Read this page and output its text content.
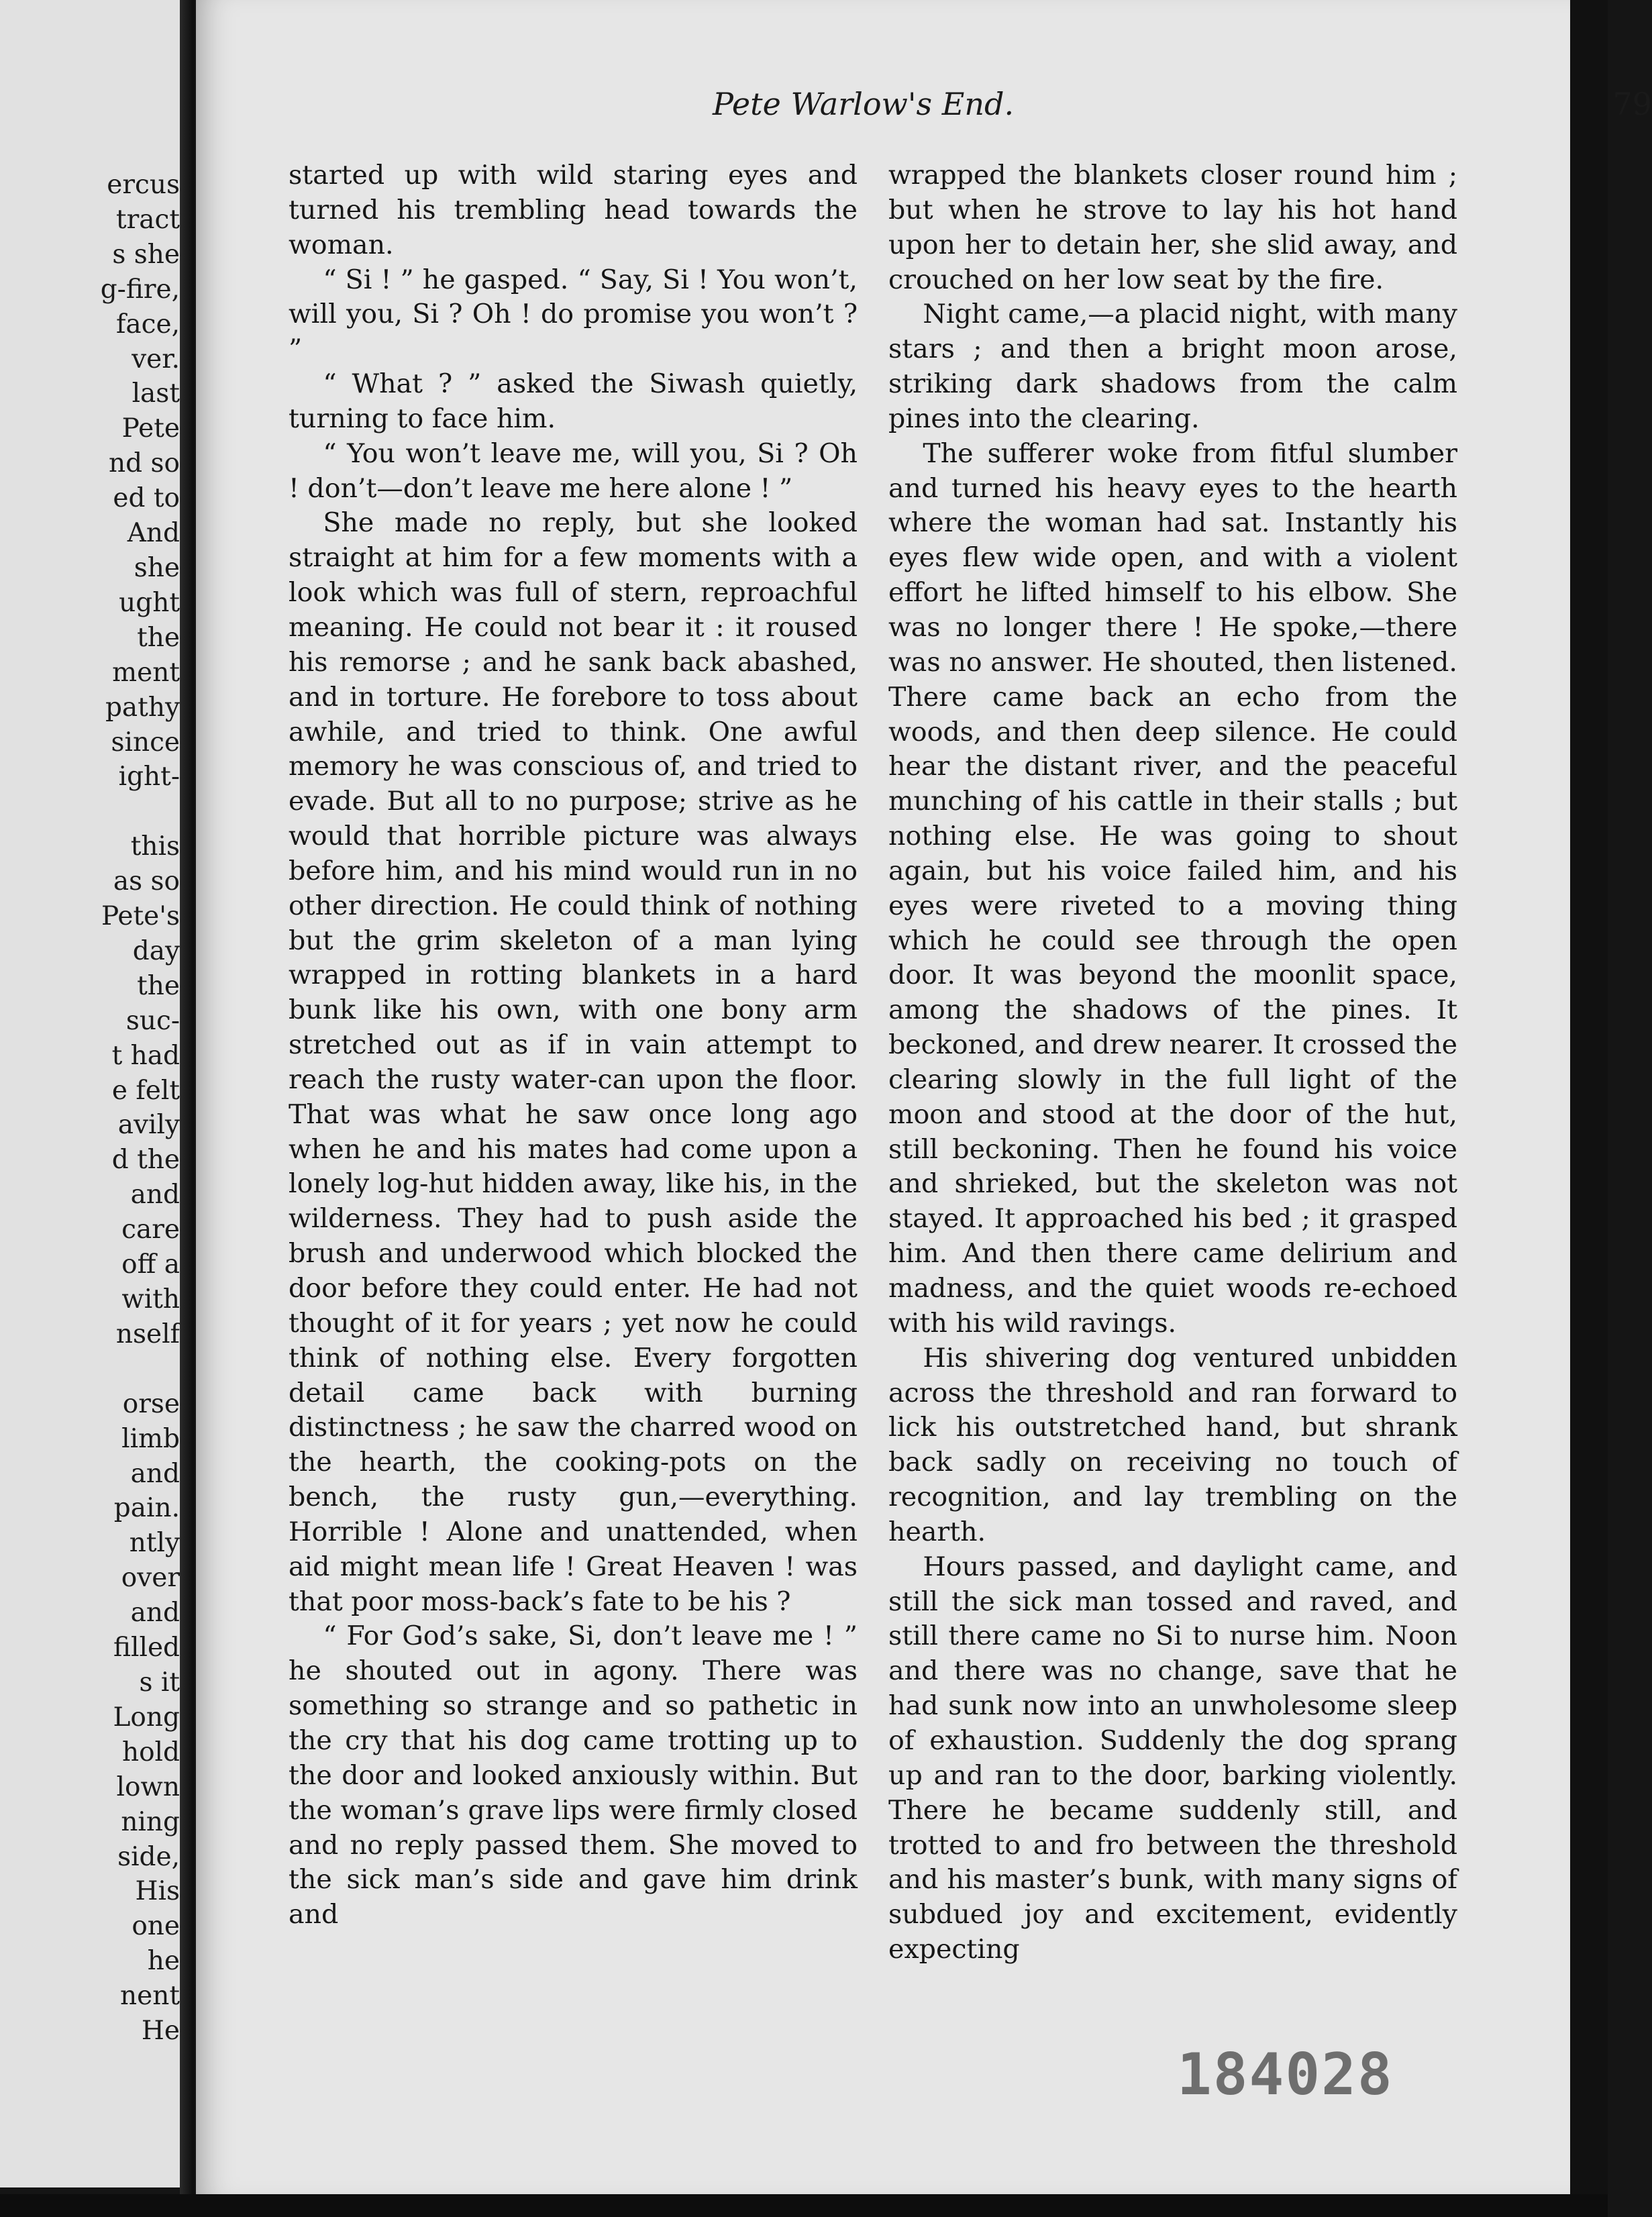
ercus
tract
s she
g-fire,
face,
ver.
last
Pete
nd so
ed to
And
she
ught
the
ment
pathy
since
ight-

this
as so
Pete's
day
the
suc-
t had
e felt
avily
d the
and
care
off a
with
nself

orse
limb
and
pain.
ntly
over
and
filled
s it
Long
hold
lown
ning
side,
His
one
he
nent
He
Pete Warlow's End.	79

started up with wild staring eyes and turned his trembling head towards the woman.

“ Si ! ” he gasped. “ Say, Si ! You won’t, will you, Si ? Oh ! do promise you won’t ? ”

“ What ? ” asked the Siwash quietly, turning to face him.

“ You won’t leave me, will you, Si ? Oh ! don’t—don’t leave me here alone ! ”

She made no reply, but she looked straight at him for a few moments with a look which was full of stern, reproachful meaning. He could not bear it : it roused his remorse ; and he sank back abashed, and in torture. He forebore to toss about awhile, and tried to think. One awful memory he was conscious of, and tried to evade. But all to no purpose; strive as he would that horrible picture was always before him, and his mind would run in no other direction. He could think of nothing but the grim skeleton of a man lying wrapped in rotting blankets in a hard bunk like his own, with one bony arm stretched out as if in vain attempt to reach the rusty water-can upon the floor. That was what he saw once long ago when he and his mates had come upon a lonely log-hut hidden away, like his, in the wilderness. They had to push aside the brush and underwood which blocked the door before they could enter. He had not thought of it for years ; yet now he could think of nothing else. Every forgotten detail came back with burning distinctness ; he saw the charred wood on the hearth, the cooking-pots on the bench, the rusty gun,—everything. Horrible ! Alone and unattended, when aid might mean life ! Great Heaven ! was that poor moss-back’s fate to be his ?

“ For God’s sake, Si, don’t leave me ! ” he shouted out in agony. There was something so strange and so pathetic in the cry that his dog came trotting up to the door and looked anxiously within. But the woman’s grave lips were firmly closed and no reply passed them. She moved to the sick man’s side and gave him drink and

wrapped the blankets closer round him ; but when he strove to lay his hot hand upon her to detain her, she slid away, and crouched on her low seat by the fire.

Night came,—a placid night, with many stars ; and then a bright moon arose, striking dark shadows from the calm pines into the clearing.

The sufferer woke from fitful slumber and turned his heavy eyes to the hearth where the woman had sat. Instantly his eyes flew wide open, and with a violent effort he lifted himself to his elbow. She was no longer there ! He spoke,—there was no answer. He shouted, then listened. There came back an echo from the woods, and then deep silence. He could hear the distant river, and the peaceful munching of his cattle in their stalls ; but nothing else. He was going to shout again, but his voice failed him, and his eyes were riveted to a moving thing which he could see through the open door. It was beyond the moonlit space, among the shadows of the pines. It beckoned, and drew nearer. It crossed the clearing slowly in the full light of the moon and stood at the door of the hut, still beckoning. Then he found his voice and shrieked, but the skeleton was not stayed. It approached his bed ; it grasped him. And then there came delirium and madness, and the quiet woods re-echoed with his wild ravings.

His shivering dog ventured unbidden across the threshold and ran forward to lick his outstretched hand, but shrank back sadly on receiving no touch of recognition, and lay trembling on the hearth.

Hours passed, and daylight came, and still the sick man tossed and raved, and still there came no Si to nurse him. Noon and there was no change, save that he had sunk now into an unwholesome sleep of exhaustion. Suddenly the dog sprang up and ran to the door, barking violently. There he became suddenly still, and trotted to and fro between the threshold and his master’s bunk, with many signs of subdued joy and excitement, evidently expecting

184028
